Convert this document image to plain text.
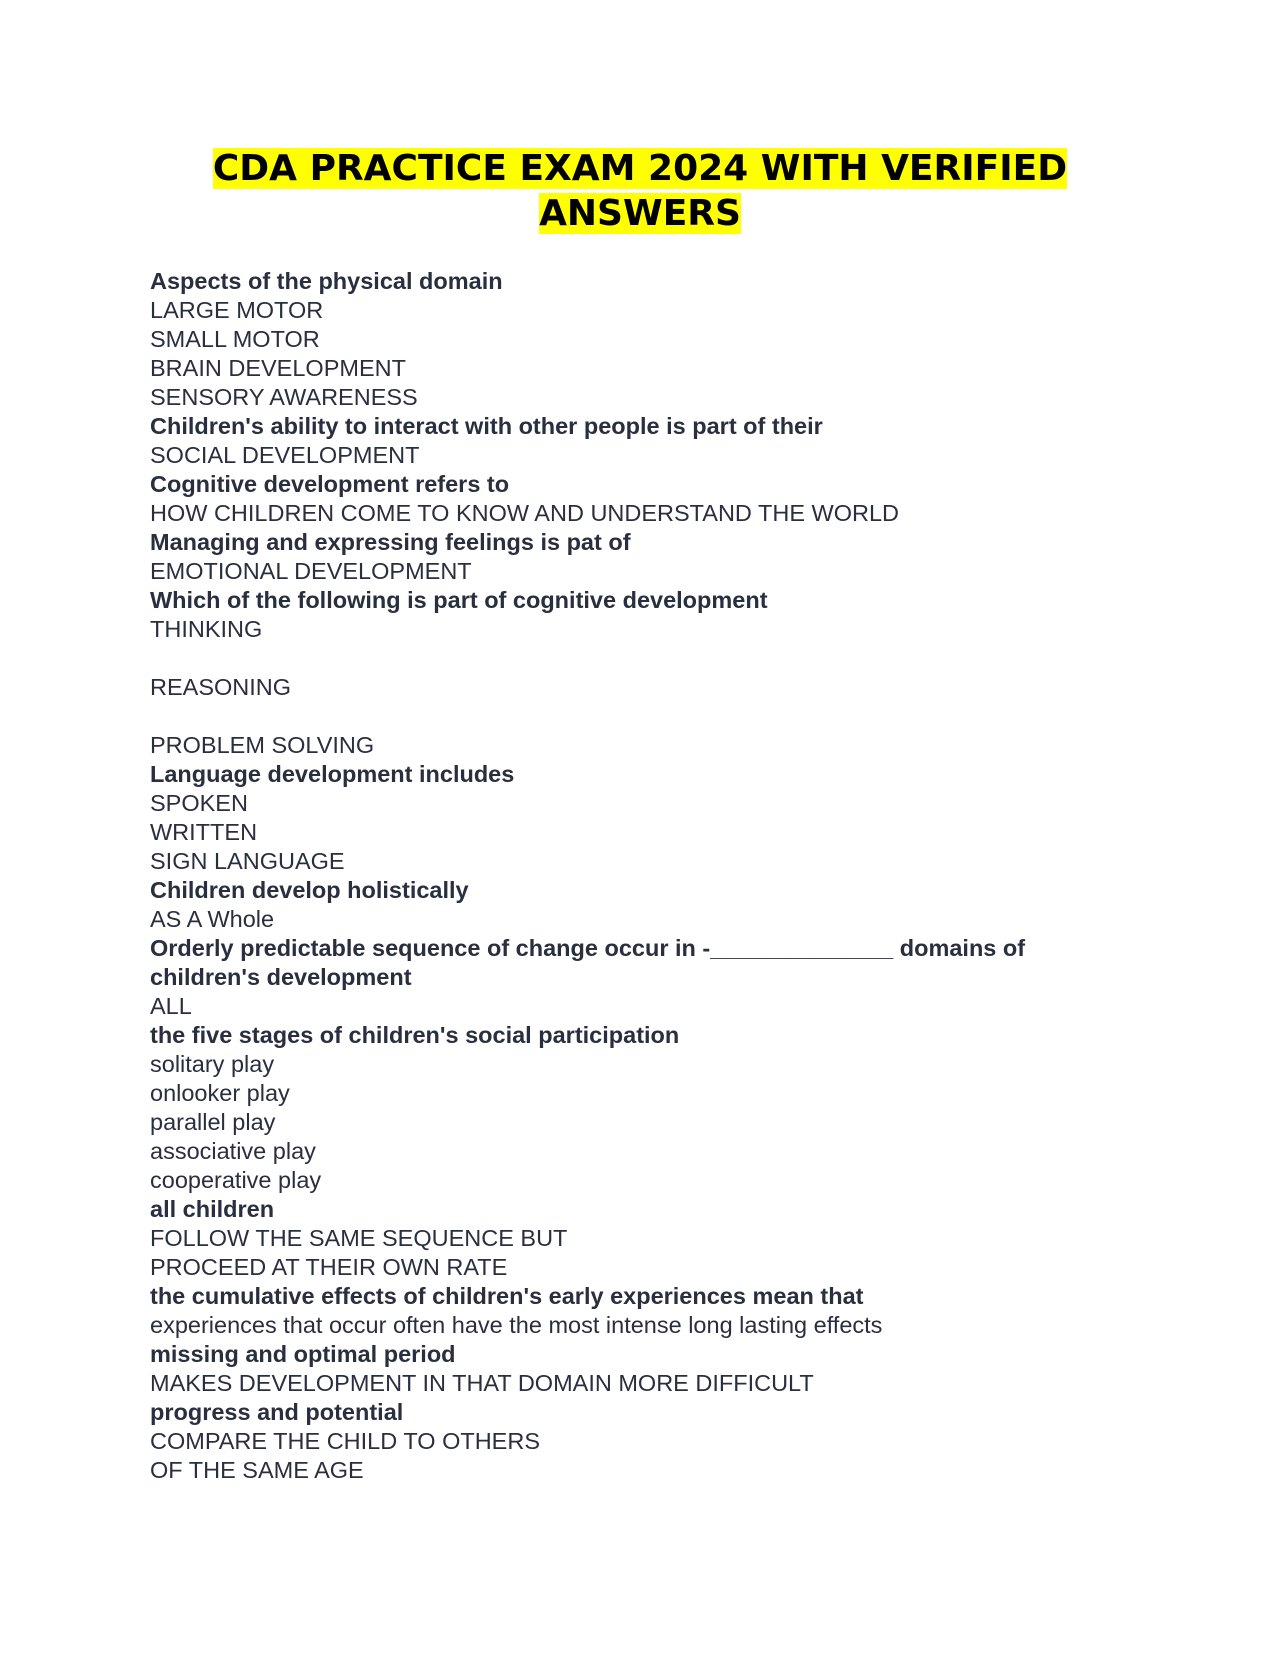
CDA PRACTICE EXAM 2024 WITH VERIFIED ANSWERS
Aspects of the physical domain
LARGE MOTOR
SMALL MOTOR
BRAIN DEVELOPMENT
SENSORY AWARENESS
Children's ability to interact with other people is part of their
SOCIAL DEVELOPMENT
Cognitive development refers to
HOW CHILDREN COME TO KNOW AND UNDERSTAND THE WORLD
Managing and expressing feelings is pat of
EMOTIONAL DEVELOPMENT
Which of the following is part of cognitive development
THINKING
REASONING
PROBLEM SOLVING
Language development includes
SPOKEN
WRITTEN
SIGN LANGUAGE
Children develop holistically
AS A Whole
Orderly predictable sequence of change occur in -______________ domains of children's development
ALL
the five stages of children's social participation
solitary play
onlooker play
parallel play
associative play
cooperative play
all children
FOLLOW THE SAME SEQUENCE BUT
PROCEED AT THEIR OWN RATE
the cumulative effects of children's early experiences mean that
experiences that occur often have the most intense long lasting effects
missing and optimal period
MAKES DEVELOPMENT IN THAT DOMAIN MORE DIFFICULT
progress and potential
COMPARE THE CHILD TO OTHERS
OF THE SAME AGE
